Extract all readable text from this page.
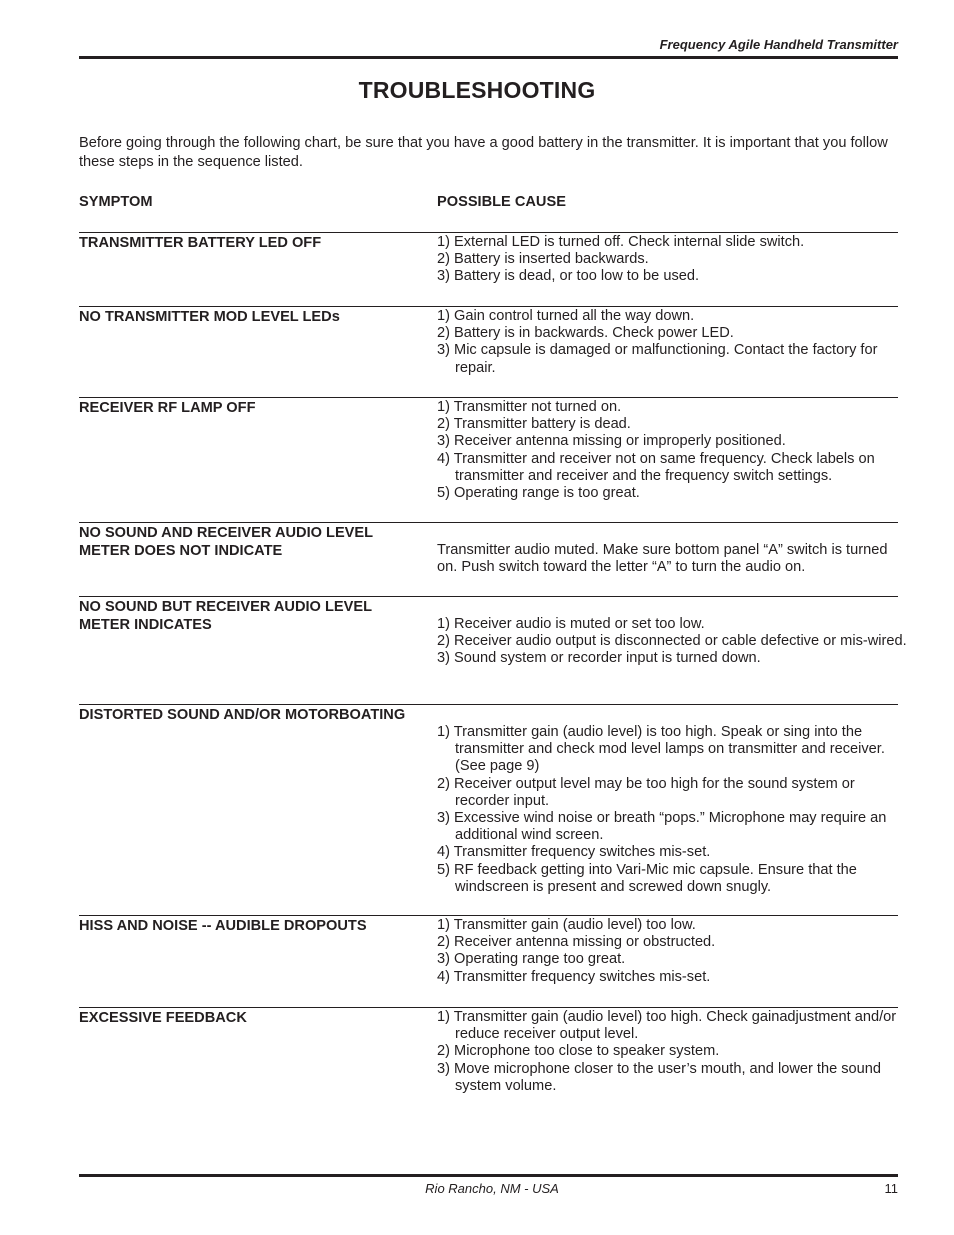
Frequency Agile Handheld Transmitter
TROUBLESHOOTING
Before going through the following chart, be sure that you have a good battery in the transmitter. It is important that you follow these steps in the sequence listed.
SYMPTOM	POSSIBLE CAUSE
TRANSMITTER BATTERY LED OFF	1) External LED is turned off. Check internal slide switch.

2) Battery is inserted backwards.

3) Battery is dead, or too low to be used.

NO TRANSMITTER MOD LEVEL LEDs	1) Gain control turned all the way down.

2) Battery is in backwards. Check power LED.

3) Mic capsule is damaged or malfunctioning. Contact the factory for repair.

RECEIVER RF LAMP OFF	1) Transmitter not turned on.

2) Transmitter battery is dead.

3) Receiver antenna missing or improperly positioned.

4) Transmitter and receiver not on same frequency. Check labels on transmitter and receiver and the frequency switch settings.

5) Operating range is too great.

NO SOUND AND RECEIVER AUDIO LEVEL METER DOES NOT INDICATE	Transmitter audio muted. Make sure bottom panel “A” switch is turned on. Push switch toward the letter “A” to turn the audio on.

NO SOUND BUT RECEIVER AUDIO LEVEL METER INDICATES	1) Receiver audio is muted or set too low.

2) Receiver audio output is disconnected or cable defective or mis-wired.

3) Sound system or recorder input is turned down.

DISTORTED SOUND AND/OR MOTORBOATING

1) Transmitter gain (audio level) is too high. Speak or sing into the transmitter and check mod level lamps on transmitter and receiver. (See page 9)

2) Receiver output level may be too high for the sound system or recorder input.

3) Excessive wind noise or breath “pops.” Microphone may require an additional wind screen.

4) Transmitter frequency switches mis-set.

5) RF feedback getting into Vari-Mic mic capsule. Ensure that the windscreen is present and screwed down snugly.

HISS AND NOISE -- AUDIBLE DROPOUTS	1) Transmitter gain (audio level) too low.

2) Receiver antenna missing or obstructed.

3) Operating range too great.

4) Transmitter frequency switches mis-set.

EXCESSIVE FEEDBACK	1) Transmitter gain (audio level) too high. Check gainadjustment and/or reduce receiver output level.

2) Microphone too close to speaker system.

3) Move microphone closer to the user’s mouth, and lower the sound system volume.

Rio Rancho, NM - USA	11
